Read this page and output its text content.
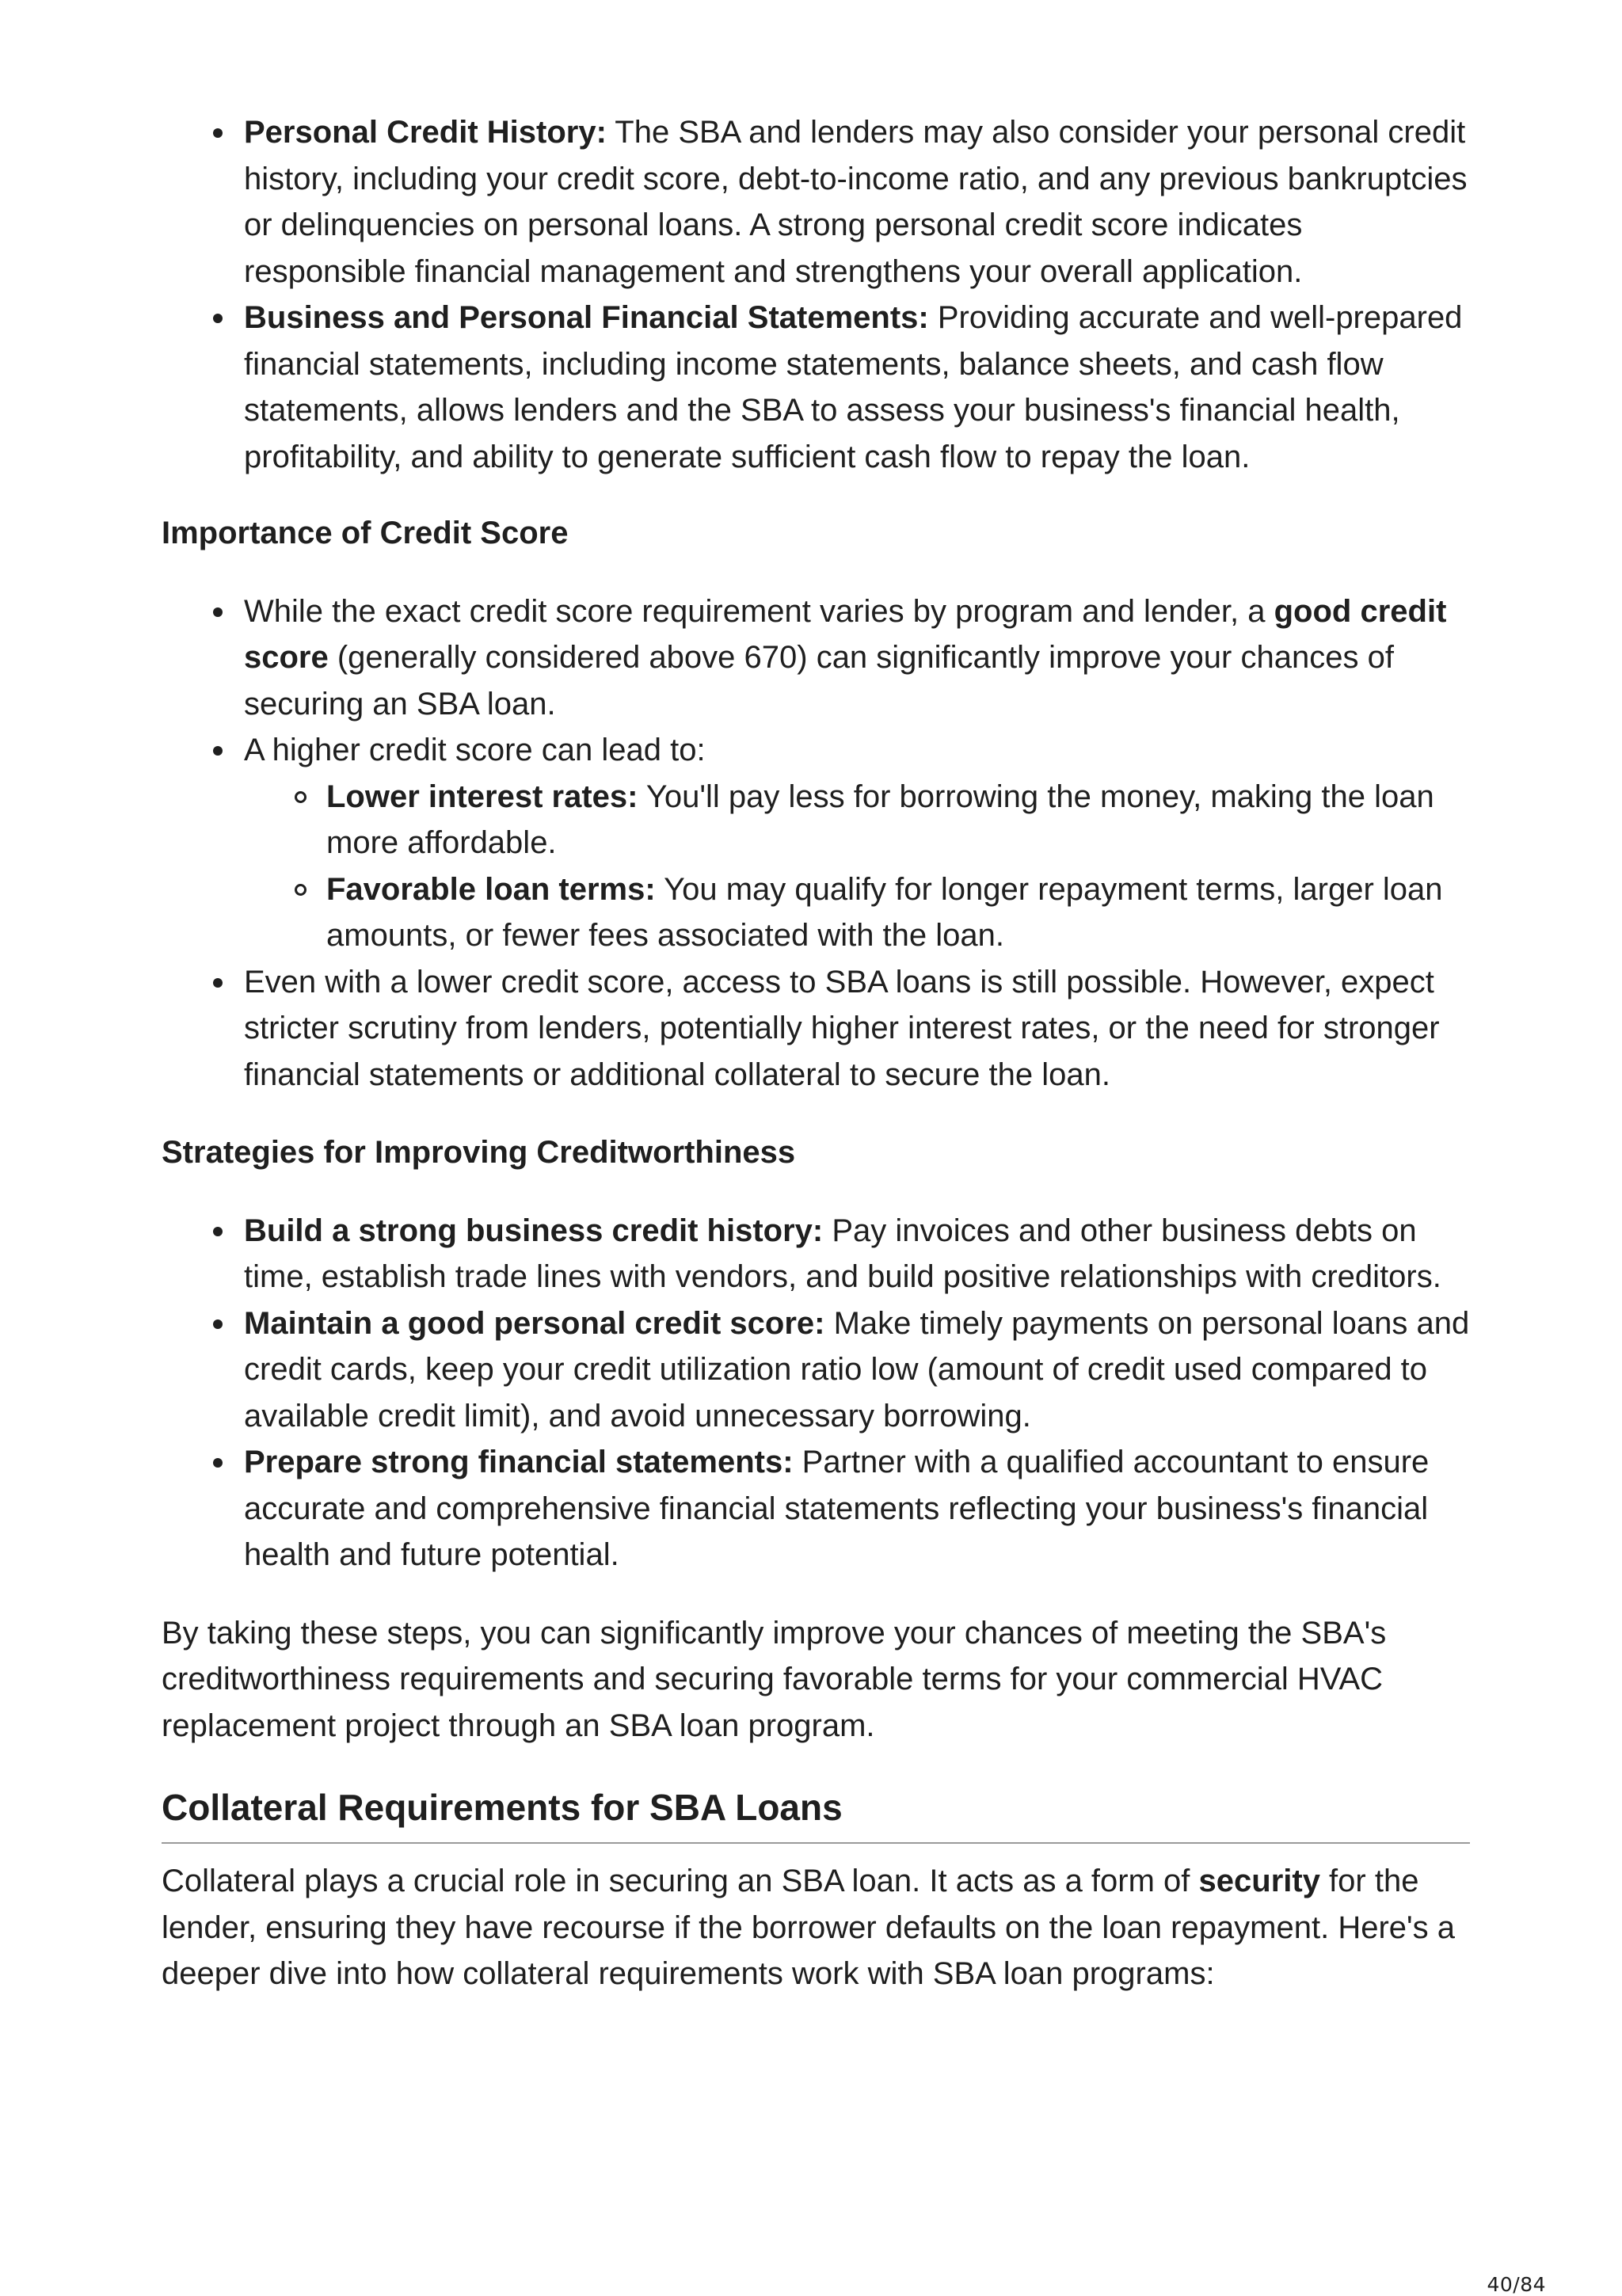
Personal Credit History: The SBA and lenders may also consider your personal credit history, including your credit score, debt-to-income ratio, and any previous bankruptcies or delinquencies on personal loans. A strong personal credit score indicates responsible financial management and strengthens your overall application.
Business and Personal Financial Statements: Providing accurate and well-prepared financial statements, including income statements, balance sheets, and cash flow statements, allows lenders and the SBA to assess your business's financial health, profitability, and ability to generate sufficient cash flow to repay the loan.

Importance of Credit Score

While the exact credit score requirement varies by program and lender, a good credit score (generally considered above 670) can significantly improve your chances of securing an SBA loan.
A higher credit score can lead to:
Lower interest rates: You'll pay less for borrowing the money, making the loan more affordable.
Favorable loan terms: You may qualify for longer repayment terms, larger loan amounts, or fewer fees associated with the loan.
Even with a lower credit score, access to SBA loans is still possible. However, expect stricter scrutiny from lenders, potentially higher interest rates, or the need for stronger financial statements or additional collateral to secure the loan.

Strategies for Improving Creditworthiness

Build a strong business credit history: Pay invoices and other business debts on time, establish trade lines with vendors, and build positive relationships with creditors.
Maintain a good personal credit score: Make timely payments on personal loans and credit cards, keep your credit utilization ratio low (amount of credit used compared to available credit limit), and avoid unnecessary borrowing.
Prepare strong financial statements: Partner with a qualified accountant to ensure accurate and comprehensive financial statements reflecting your business's financial health and future potential.

By taking these steps, you can significantly improve your chances of meeting the SBA's creditworthiness requirements and securing favorable terms for your commercial HVAC replacement project through an SBA loan program.

Collateral Requirements for SBA Loans

Collateral plays a crucial role in securing an SBA loan. It acts as a form of security for the lender, ensuring they have recourse if the borrower defaults on the loan repayment. Here's a deeper dive into how collateral requirements work with SBA loan programs:

40/84
